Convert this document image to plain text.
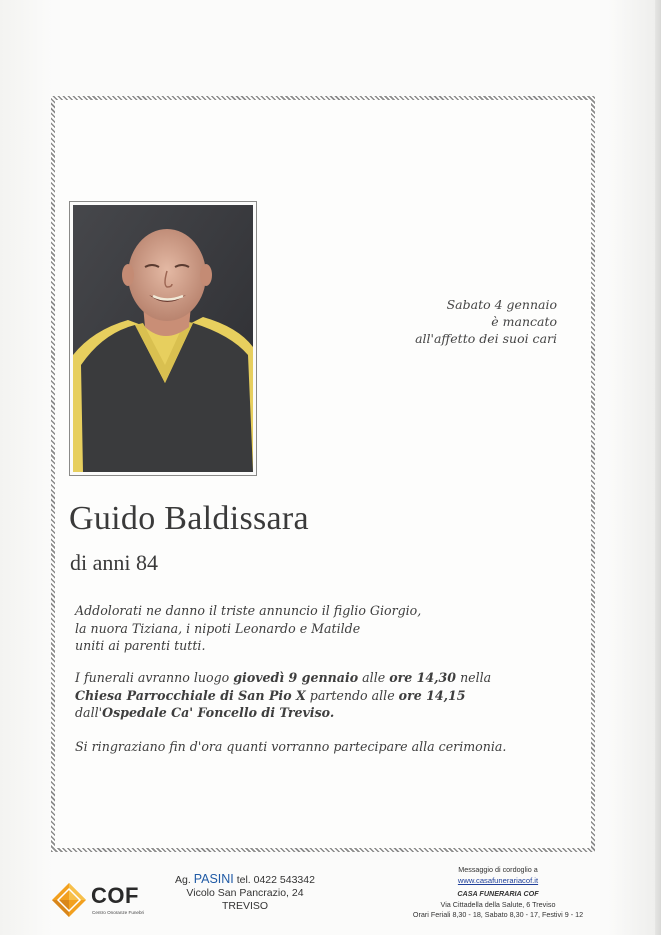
Sabato 4 gennaio
è mancato
all'affetto dei suoi cari
Guido Baldissara
di anni 84
Addolorati ne danno il triste annuncio il figlio Giorgio,
la nuora Tiziana, i nipoti Leonardo e Matilde
uniti ai parenti tutti.
I funerali avranno luogo giovedì 9 gennaio alle ore 14,30 nella
Chiesa Parrocchiale di San Pio X partendo alle ore 14,15
dall'Ospedale Ca' Foncello di Treviso.
Si ringraziano fin d'ora quanti vorranno partecipare alla cerimonia.
COF
Centro Onoranze Funebri
Ag. PASINI tel. 0422 543342
Vicolo San Pancrazio, 24
TREVISO
Messaggio di cordoglio a
www.casafunerariacof.it
CASA FUNERARIA COF
Via Cittadella della Salute, 6 Treviso
Orari Feriali 8,30 - 18, Sabato 8,30 - 17, Festivi 9 - 12
